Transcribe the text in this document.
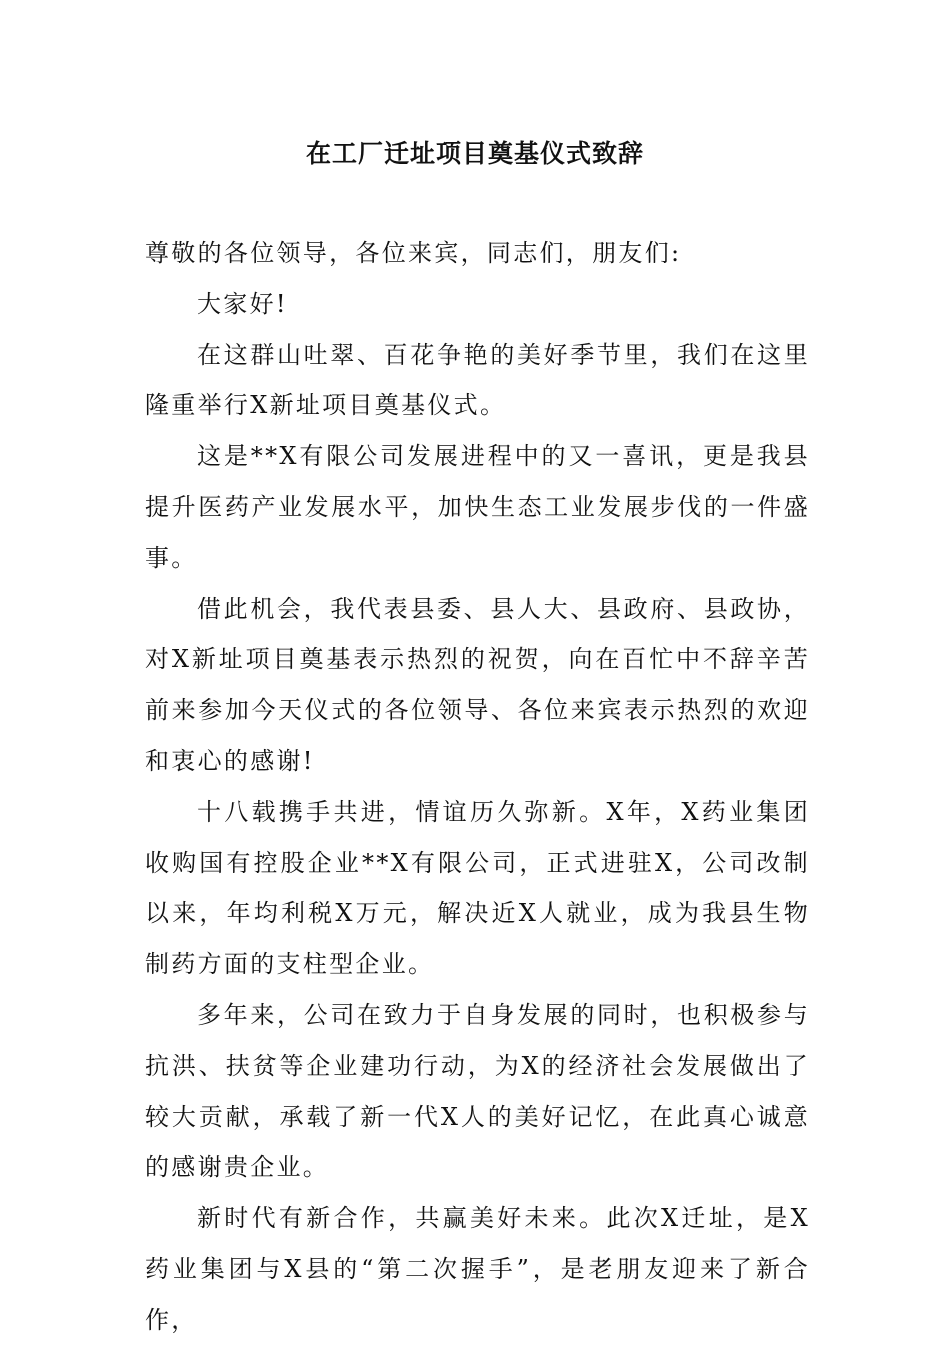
在工厂迁址项目奠基仪式致辞

尊敬的各位领导，各位来宾，同志们，朋友们:

大家好!

在这群山吐翠、百花争艳的美好季节里，我们在这里隆重举行X新址项目奠基仪式。

这是**X有限公司发展进程中的又一喜讯，更是我县提升医药产业发展水平，加快生态工业发展步伐的一件盛事。

借此机会，我代表县委、县人大、县政府、县政协，对X新址项目奠基表示热烈的祝贺，向在百忙中不辞辛苦前来参加今天仪式的各位领导、各位来宾表示热烈的欢迎和衷心的感谢!

十八载携手共进，情谊历久弥新。X年，X药业集团收购国有控股企业**X有限公司，正式进驻X，公司改制以来，年均利税X万元，解决近X人就业，成为我县生物制药方面的支柱型企业。

多年来，公司在致力于自身发展的同时，也积极参与抗洪、扶贫等企业建功行动，为X的经济社会发展做出了较大贡献，承载了新一代X人的美好记忆，在此真心诚意的感谢贵企业。

新时代有新合作，共赢美好未来。此次X迁址，是X药业集团与X县的“第二次握手”，是老朋友迎来了新合作，
